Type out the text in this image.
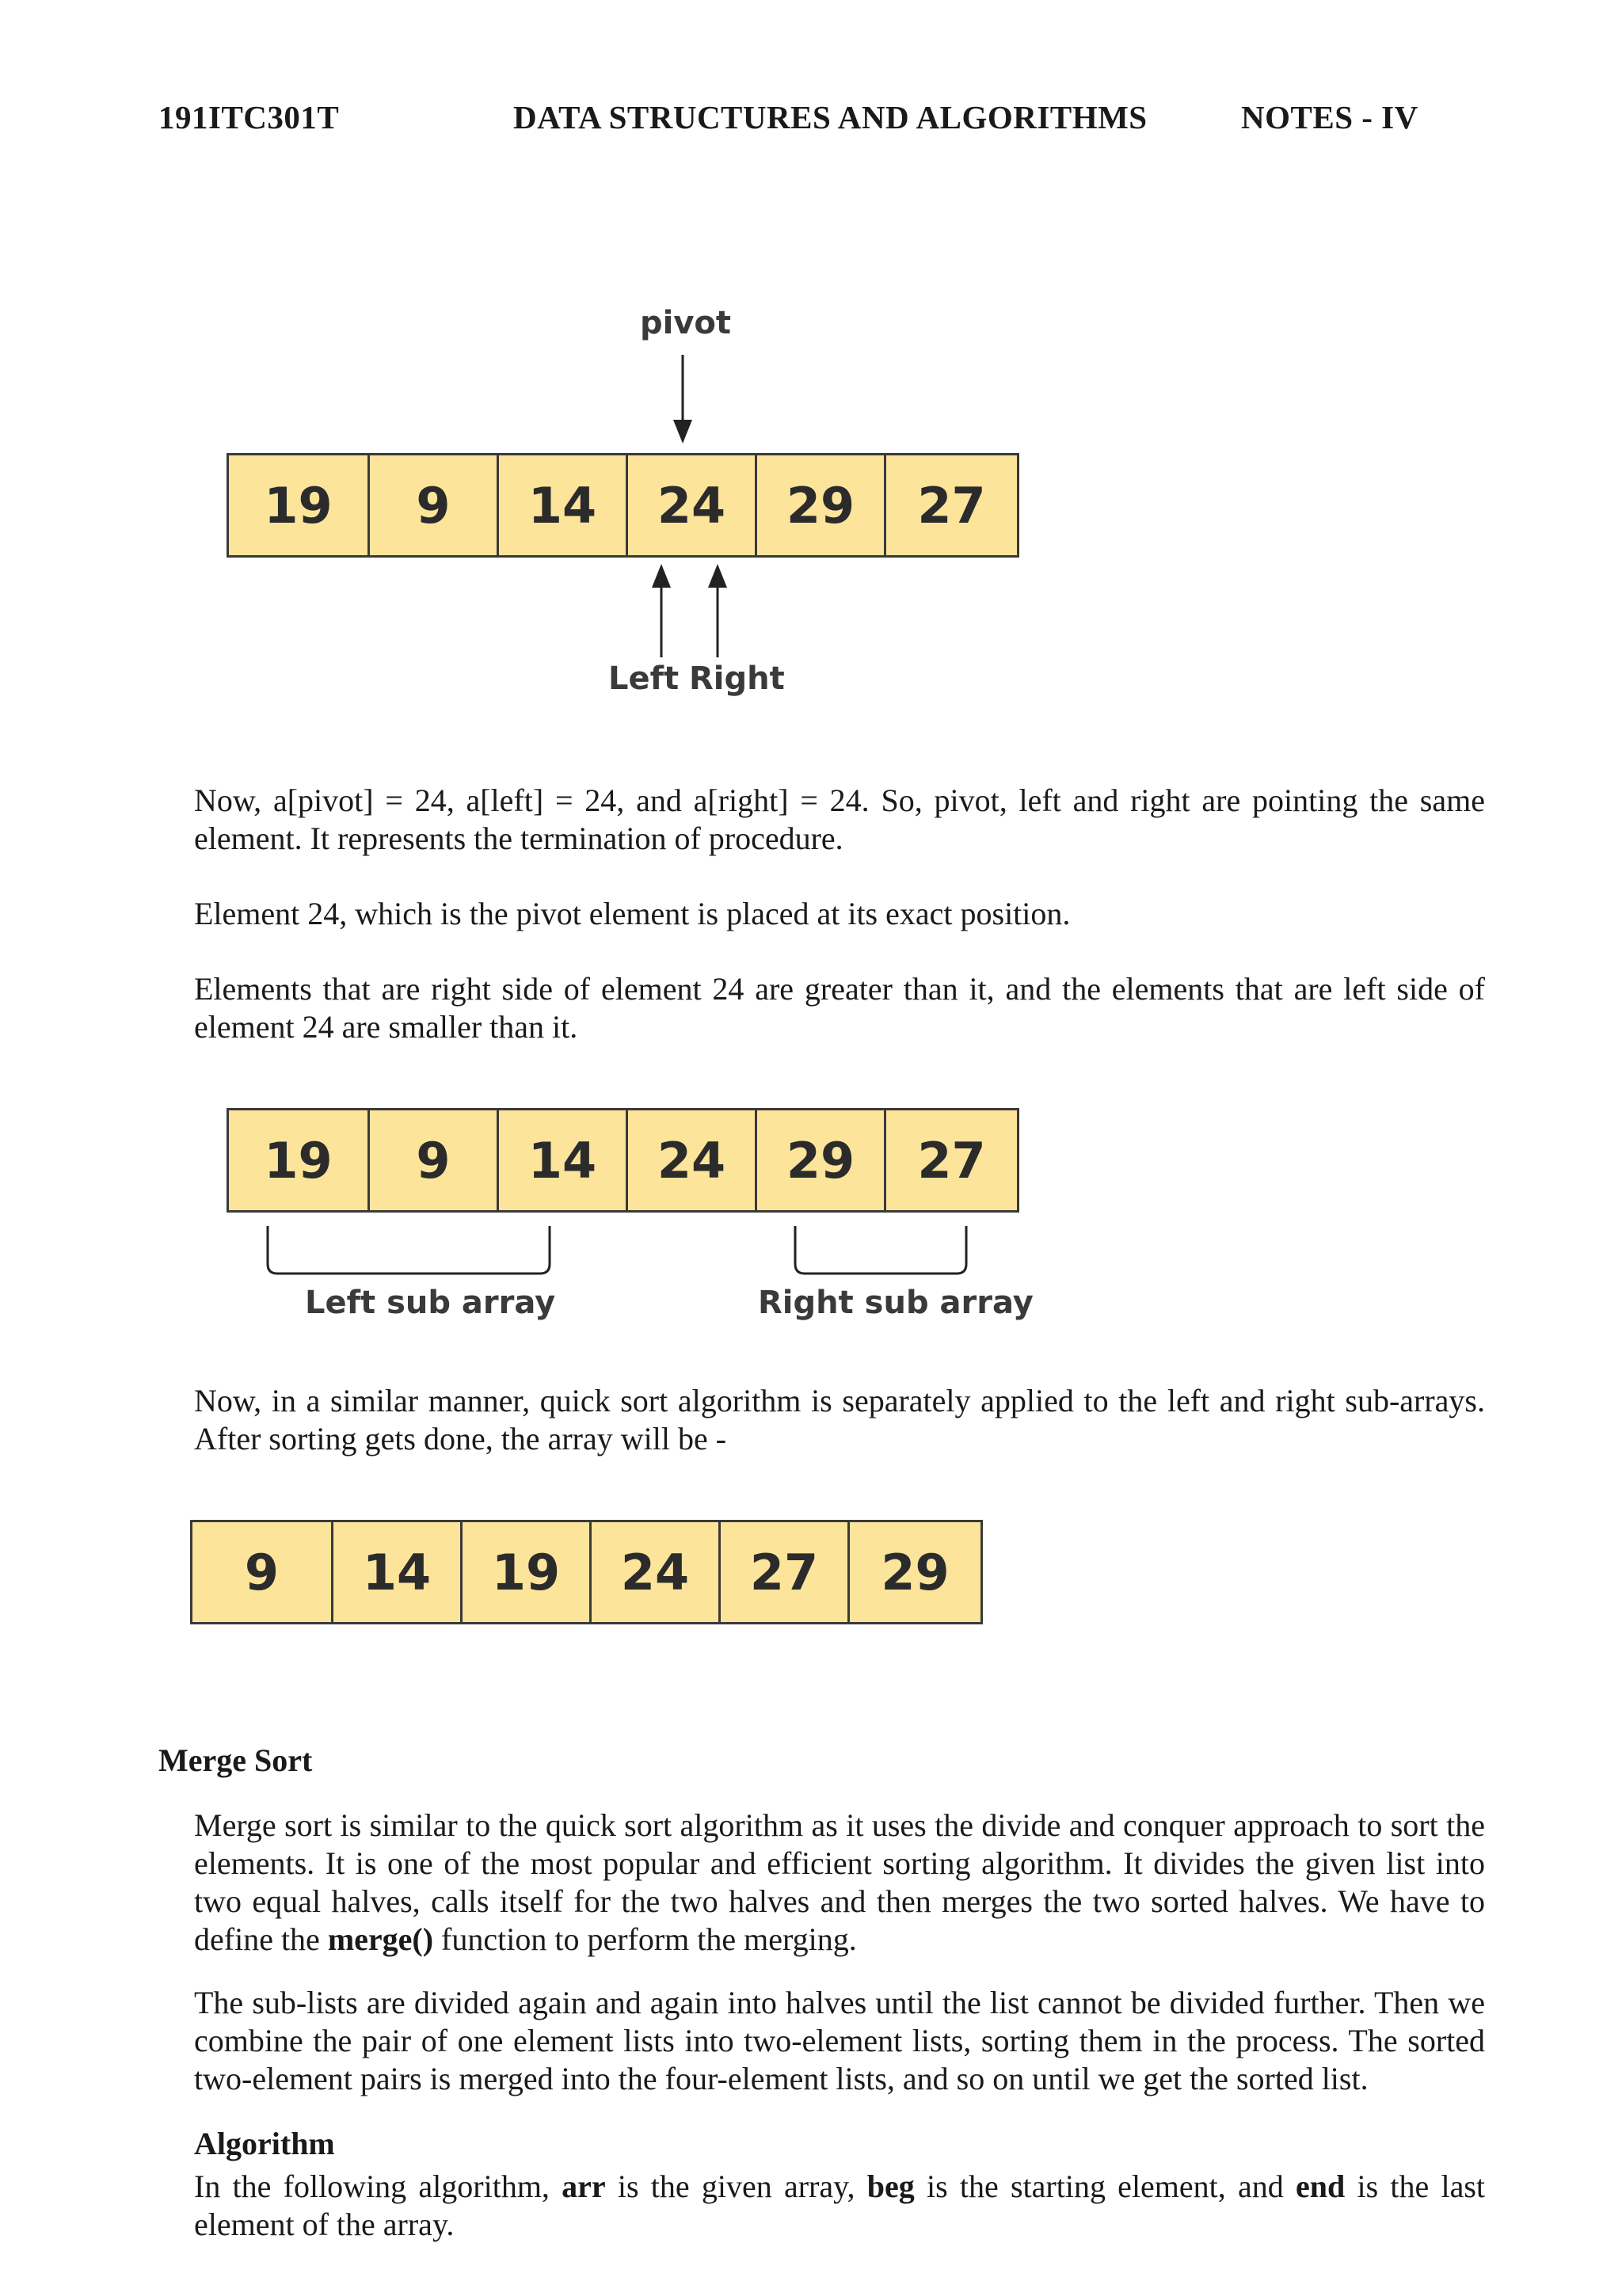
191ITC301T	DATA STRUCTURES AND ALGORITHMS	NOTES - IV
pivot
19	9	14	24	29	27
Left Right

Now, a[pivot] = 24, a[left] = 24, and a[right] = 24. So, pivot, left and right are pointing the same element. It represents the termination of procedure.

Element 24, which is the pivot element is placed at its exact position.

Elements that are right side of element 24 are greater than it, and the elements that are left side of element 24 are smaller than it.

19	9	14	24	29	27
Left sub array	Right sub array

Now, in a similar manner, quick sort algorithm is separately applied to the left and right sub-arrays. After sorting gets done, the array will be -

9	14	19	24	27	29
Merge Sort

Merge sort is similar to the quick sort algorithm as it uses the divide and conquer approach to sort the elements. It is one of the most popular and efficient sorting algorithm. It divides the given list into two equal halves, calls itself for the two halves and then merges the two sorted halves. We have to define the merge() function to perform the merging.

The sub-lists are divided again and again into halves until the list cannot be divided further. Then we combine the pair of one element lists into two-element lists, sorting them in the process. The sorted two-element pairs is merged into the four-element lists, and so on until we get the sorted list.

Algorithm

In the following algorithm, arr is the given array, beg is the starting element, and end is the last element of the array.
